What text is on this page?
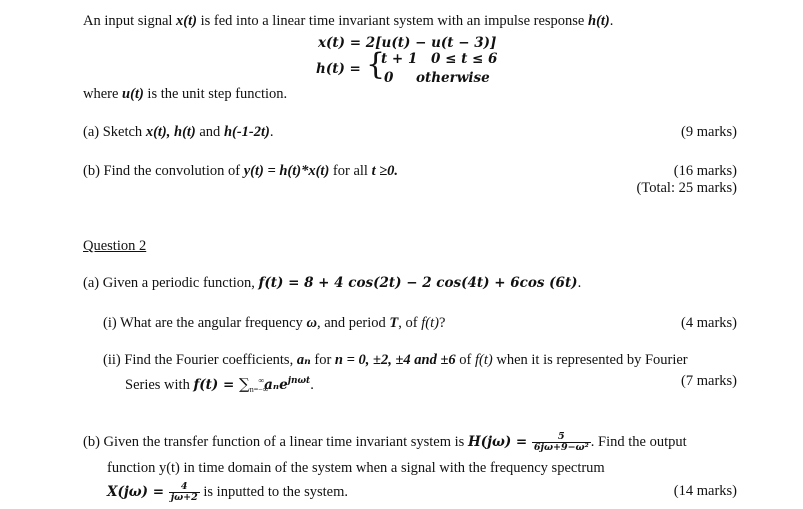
An input signal x(t) is fed into a linear time invariant system with an impulse response h(t).
x(t) = 2[u(t) − u(t − 3)]
h(t) = {
t + 1 0 ≤ t ≤ 6
0 otherwise
where u(t) is the unit step function.
(a) Sketch x(t), h(t) and h(-1-2t).	(9 marks)
(b) Find the convolution of y(t) = h(t)*x(t) for all t ≥0.	(16 marks)
(Total: 25 marks)
Question 2
(a) Given a periodic function, f(t) = 8 + 4 cos(2t) − 2 cos(4t) + 6cos (6t).
(i) What are the angular frequency ω, and period T, of f(t)?	(4 marks)
(ii) Find the Fourier coefficients, aₙ for n = 0, ±2, ±4 and ±6 of f(t) when it is represented by Fourier
Series with $f(t) = \sum_{n=-\infty}^\infty a_ne^{jn\omega t}$.	(7 marks)
(b) Given the transfer function of a linear time invariant system is $H(j\omega) = \frac{5}{\text{6jω+9−ω²}}$ . Find the output
function y(t) in time domain of the system when a signal with the frequency spectrum
$X(j\omega) = \frac{4}{j\omega+2}$ is inputted to the system.	(14 marks)
